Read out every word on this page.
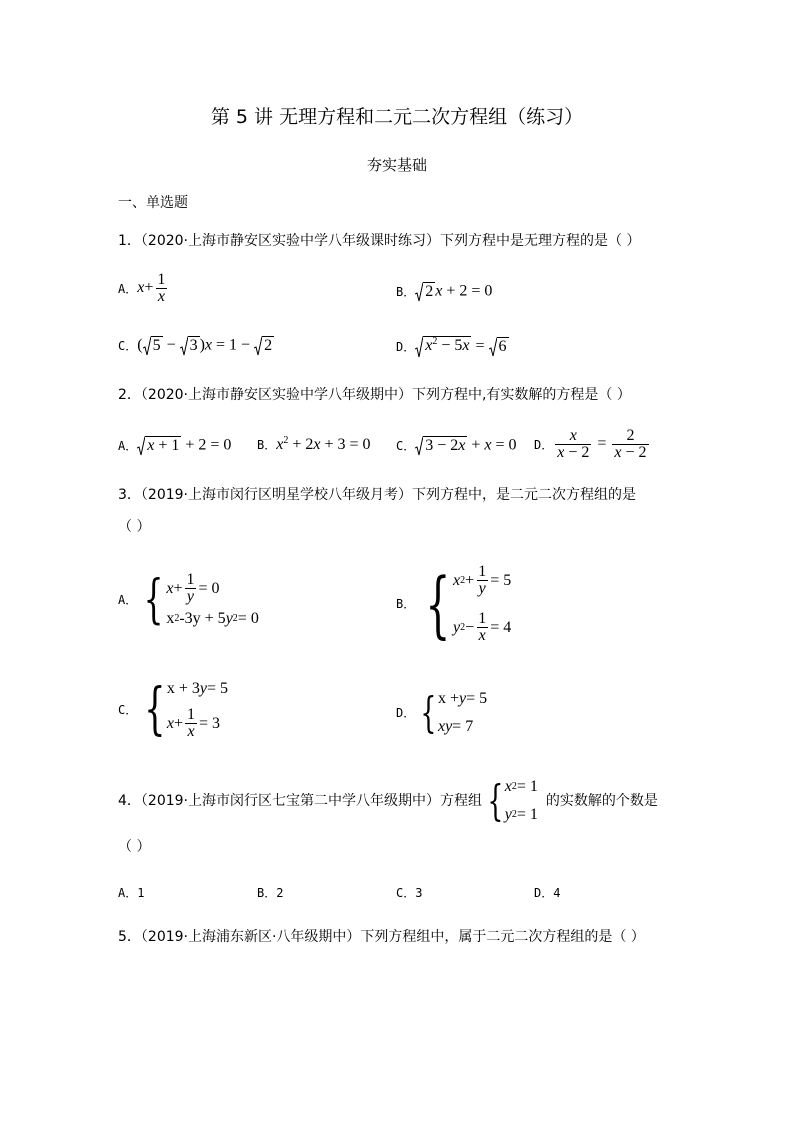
第 5 讲 无理方程和二元二次方程组（练习）
夯实基础
一、单选题
1．（2020·上海市静安区实验中学八年级课时练习）下列方程中是无理方程的是（ ）
A． $x+ \frac{1}{x}$	B． 2 x + 2 = 0
C． ( 5 − 3 )x = 1 − 2	D． $x^2 - 5x = 6$
2．（2020·上海市静安区实验中学八年级期中）下列方程中,有实数解的方程是（ ）
A． x + 1 + 2 = 0 B． $x^2 + 2x + 3 = 0$ C． 3 − 2x + x = 0 D． $\frac{x}{x - 2} = \frac{2}{x - 2}$
3．（2019·上海市闵行区明星学校八年级月考）下列方程中，是二元二次方程组的是
（ ）
A． { $x + \frac{1}{y} = 0$
x 2 -3y + 5 y 2 = 0
B． { x $2 + \frac{1}{y} = 5$
y $2 - \frac{1}{x} = 4$
C． { x + 3 y = 5
$x + \frac{1}{x} = 3$
D． { x + y = 5
xy = 7
4．（2019·上海市闵行区七宝第二中学八年级期中）方程组 { x 2 = 1
y 2 = 1
的实数解的个数是
（ ）
A．1	B．2	C．3	D．4
5．（2019·上海浦东新区·八年级期中）下列方程组中，属于二元二次方程组的是（ ）
